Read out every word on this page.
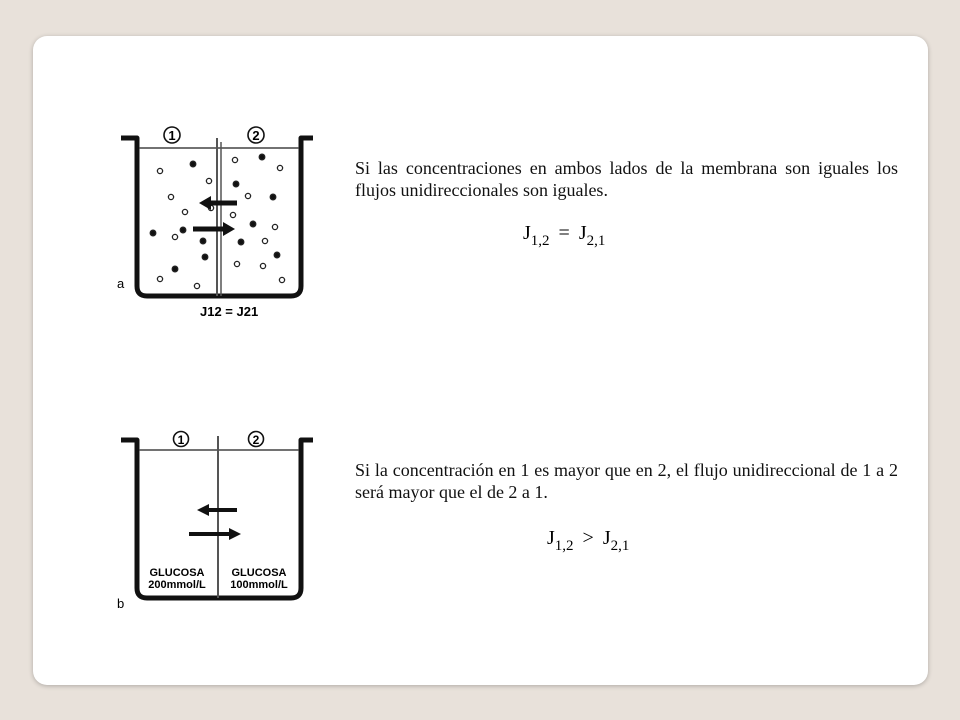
1	2
a
J12 = J21

Si las concentraciones en ambos lados de la membrana son iguales los flujos unidireccionales son iguales.

$J_{1,2} = J_{2,1}$
1	2
GLUCOSA
200mmol/L
GLUCOSA
100mmol/L
b

Si la concentración en 1 es mayor que en 2, el flujo unidireccional de 1 a 2 será mayor que el de 2 a 1.

$J_{1,2} > J_{2,1}$
